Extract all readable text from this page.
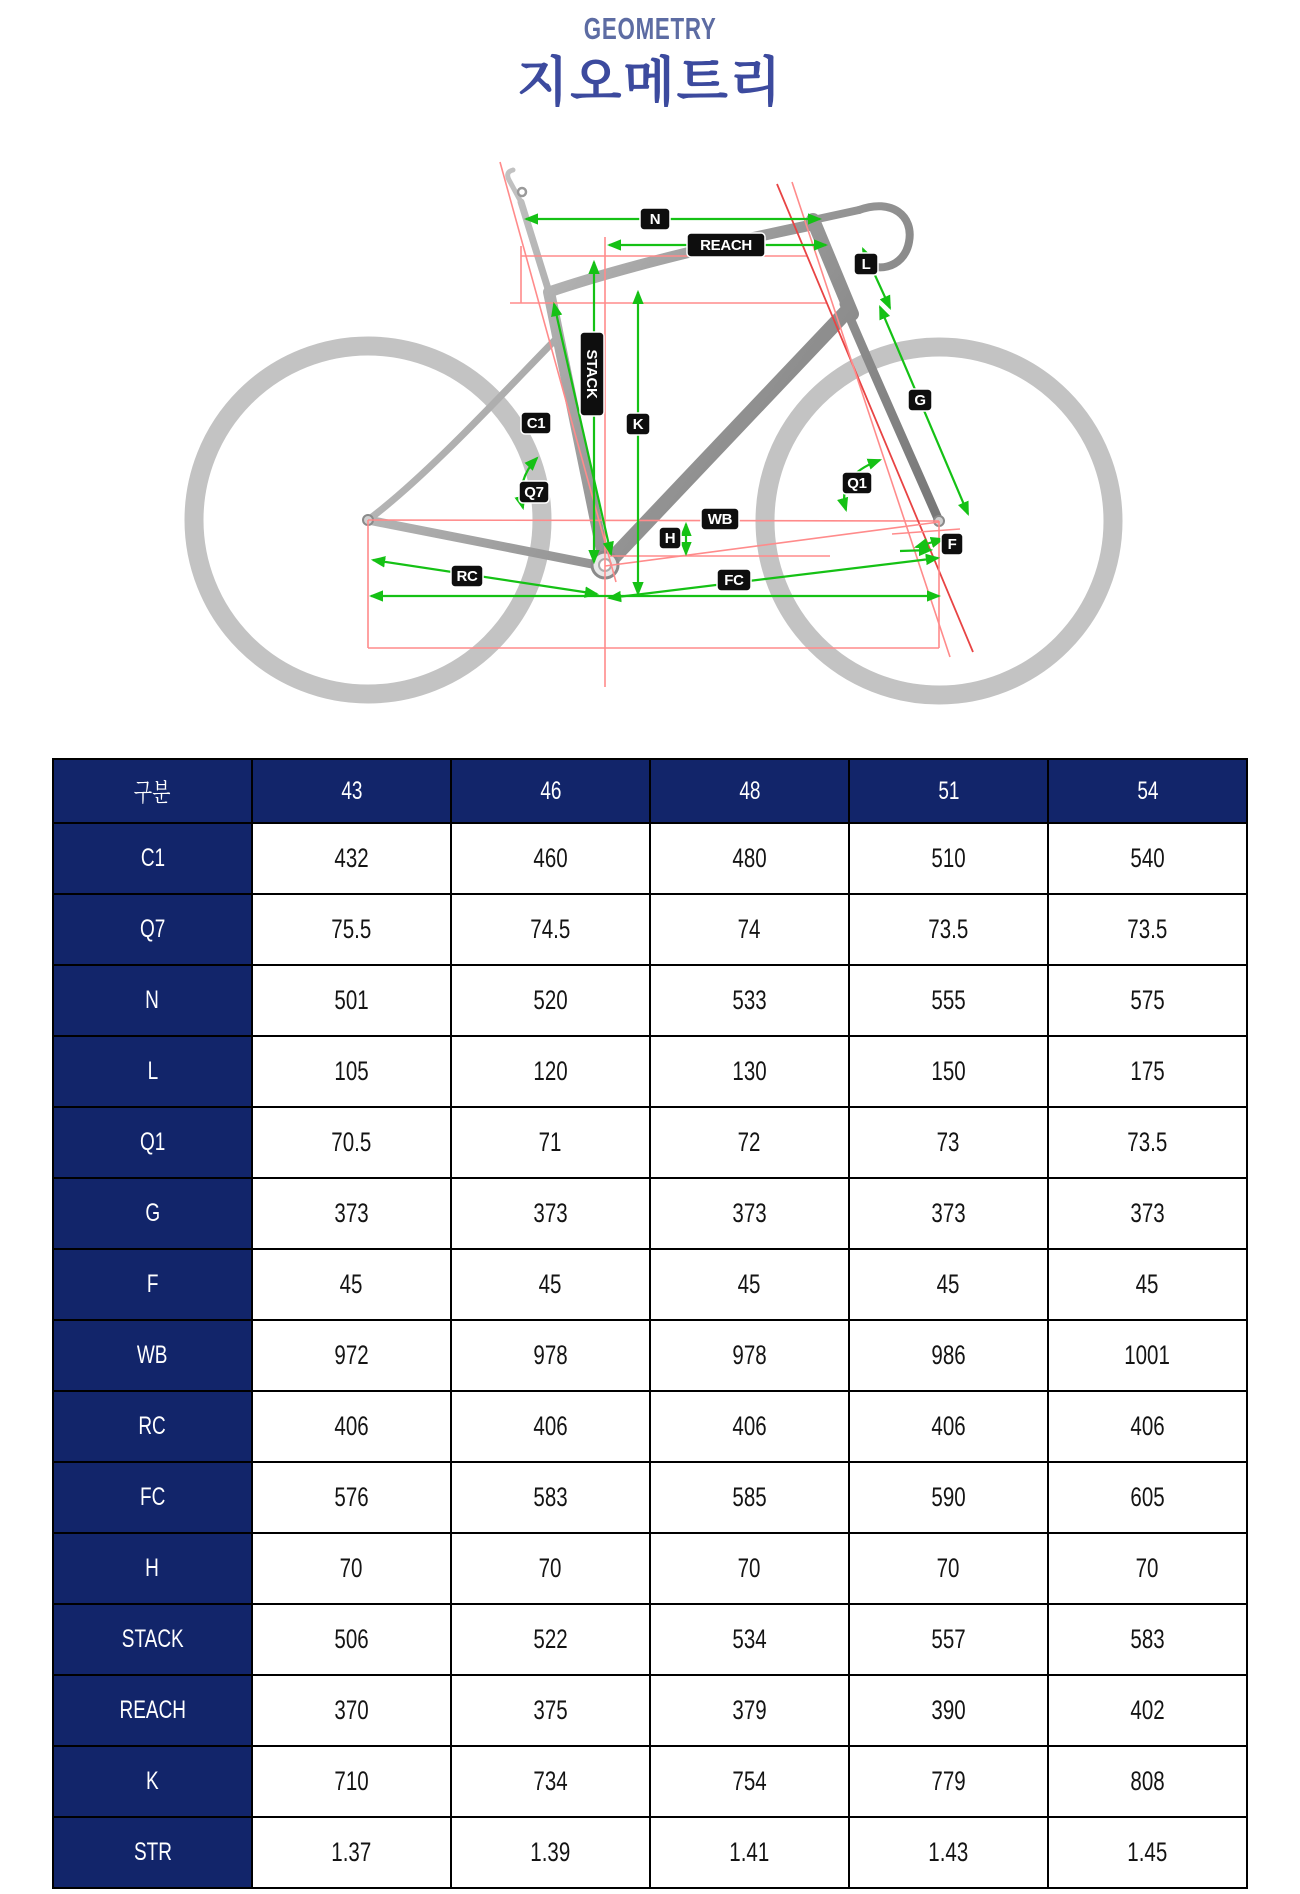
GEOMETRY
지오메트리
N
REACH
L
STACK
C1	K
Q7
WB
H
Q1
G
F
RC	FC
구분	43	46	48	51	54
C1	432	460	480	510	540
Q7	75.5	74.5	74	73.5	73.5
N	501	520	533	555	575
L	105	120	130	150	175
Q1	70.5	71	72	73	73.5
G	373	373	373	373	373
F	45	45	45	45	45
WB	972	978	978	986	1001
RC	406	406	406	406	406
FC	576	583	585	590	605
H	70	70	70	70	70
STACK	506	522	534	557	583
REACH	370	375	379	390	402
K	710	734	754	779	808
STR	1.37	1.39	1.41	1.43	1.45
